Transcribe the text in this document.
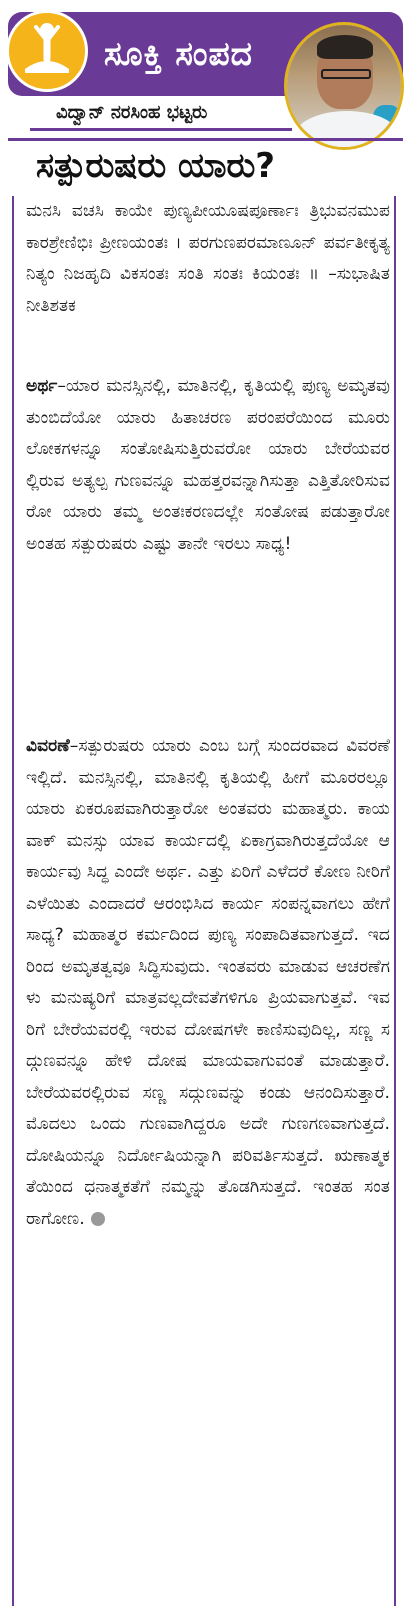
ಸೂಕ್ತಿ ಸಂಪದ
ವಿದ್ವಾನ್ ನರಸಿಂಹ ಭಟ್ಟರು
ಸತ್ಪುರುಷರು ಯಾರು?
ಮನಸಿ ವಚಸಿ ಕಾಯೇ ಪುಣ್ಯಪೀಯೂಷಪೂರ್ಣಾಃ ತ್ರಿಭುವನಮುಪಕಾರಶ್ರೇಣಿಭಿಃ ಪ್ರೀಣಯಂತಃ । ಪರಗುಣಪರಮಾಣೂನ್ ಪರ್ವತೀಕೃತ್ಯ ನಿತ್ಯಂ ನಿಜಹೃದಿ ವಿಕಸಂತಃ ಸಂತಿ ಸಂತಃ ಕಿಯಂತಃ ॥ –ಸುಭಾಷಿತ ನೀತಿಶತಕ
ಅರ್ಥ–ಯಾರ ಮನಸ್ಸಿನಲ್ಲಿ, ಮಾತಿನಲ್ಲಿ, ಕೃತಿಯಲ್ಲಿ ಪುಣ್ಯ ಅಮೃತವು ತುಂಬಿದೆಯೋ ಯಾರು ಹಿತಾಚರಣ ಪರಂಪರೆಯಿಂದ ಮೂರು ಲೋಕಗಳನ್ನೂ ಸಂತೋಷಿಸುತ್ತಿರುವರೋ ಯಾರು ಬೇರೆಯವರಲ್ಲಿರುವ ಅತ್ಯಲ್ಪ ಗುಣವನ್ನೂ ಮಹತ್ತರವನ್ನಾಗಿಸುತ್ತಾ ಎತ್ತಿತೋರಿಸುವರೋ ಯಾರು ತಮ್ಮ ಅಂತಃಕರಣದಲ್ಲೇ ಸಂತೋಷ ಪಡುತ್ತಾರೋ ಅಂತಹ ಸತ್ಪುರುಷರು ಎಷ್ಟು ತಾನೇ ಇರಲು ಸಾಧ್ಯ!
ವಿವರಣೆ–ಸತ್ಪುರುಷರು ಯಾರು ಎಂಬ ಬಗ್ಗೆ ಸುಂದರವಾದ ವಿವರಣೆ ಇಲ್ಲಿದೆ. ಮನಸ್ಸಿನಲ್ಲಿ, ಮಾತಿನಲ್ಲಿ ಕೃತಿಯಲ್ಲಿ ಹೀಗೆ ಮೂರರಲ್ಲೂ ಯಾರು ಏಕರೂಪವಾಗಿರುತ್ತಾರೋ ಅಂತವರು ಮಹಾತ್ಮರು. ಕಾಯ ವಾಕ್ ಮನಸ್ಸು ಯಾವ ಕಾರ್ಯದಲ್ಲಿ ಏಕಾಗ್ರವಾಗಿರುತ್ತದೆಯೋ ಆ ಕಾರ್ಯವು ಸಿದ್ಧ ಎಂದೇ ಅರ್ಥ. ಎತ್ತು ಏರಿಗೆ ಎಳೆದರೆ ಕೋಣ ನೀರಿಗೆ ಎಳೆಯಿತು ಎಂದಾದರೆ ಆರಂಭಿಸಿದ ಕಾರ್ಯ ಸಂಪನ್ನವಾಗಲು ಹೇಗೆ ಸಾಧ್ಯ? ಮಹಾತ್ಮರ ಕರ್ಮದಿಂದ ಪುಣ್ಯ ಸಂಪಾದಿತವಾಗುತ್ತದೆ. ಇದರಿಂದ ಅಮೃತತ್ವವೂ ಸಿದ್ಧಿಸುವುದು. ಇಂತವರು ಮಾಡುವ ಆಚರಣೆಗಳು ಮನುಷ್ಯರಿಗೆ ಮಾತ್ರವಲ್ಲದೇವತೆಗಳಿಗೂ ಪ್ರಿಯವಾಗುತ್ತವೆ. ಇವರಿಗೆ ಬೇರೆಯವರಲ್ಲಿ ಇರುವ ದೋಷಗಳೇ ಕಾಣಿಸುವುದಿಲ್ಲ, ಸಣ್ಣ ಸದ್ಗುಣವನ್ನೂ ಹೇಳಿ ದೋಷ ಮಾಯವಾಗುವಂತೆ ಮಾಡುತ್ತಾರೆ. ಬೇರೆಯವರಲ್ಲಿರುವ ಸಣ್ಣ ಸದ್ಗುಣವನ್ನು ಕಂಡು ಆನಂದಿಸುತ್ತಾರೆ. ಮೊದಲು ಒಂದು ಗುಣವಾಗಿದ್ದರೂ ಅದೇ ಗುಣಗಣವಾಗುತ್ತದೆ. ದೋಷಿಯನ್ನೂ ನಿರ್ದೋಷಿಯನ್ನಾಗಿ ಪರಿವರ್ತಿಸುತ್ತದೆ. ಋಣಾತ್ಮಕತೆಯಿಂದ ಧನಾತ್ಮಕತೆಗೆ ನಮ್ಮನ್ನು ತೊಡಗಿಸುತ್ತದೆ. ಇಂತಹ ಸಂತರಾಗೋಣ.
